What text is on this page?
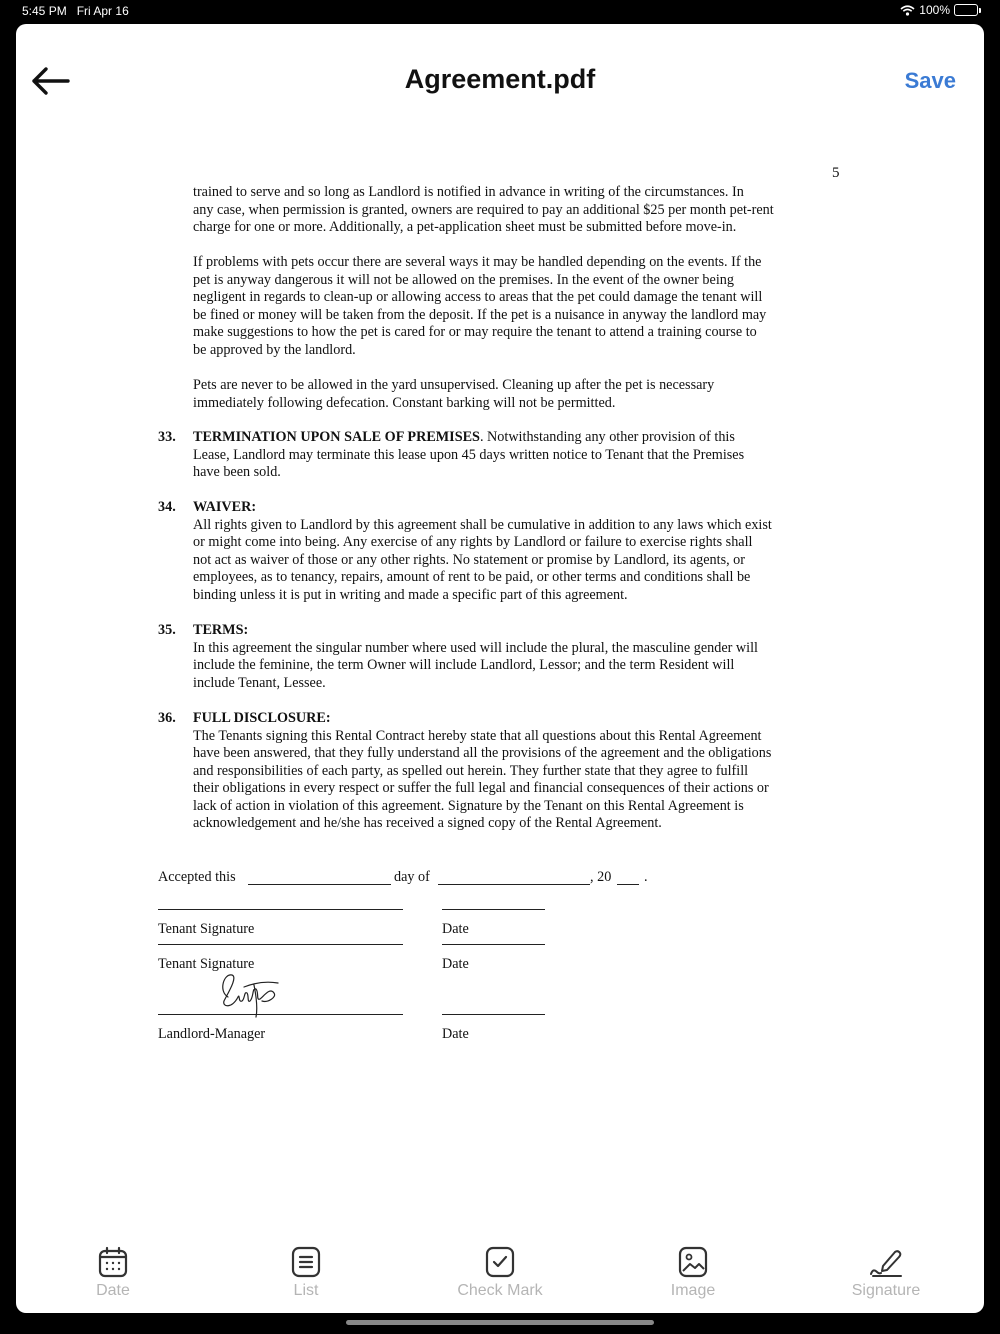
5:45 PM Fri Apr 16	100%
Agreement.pdf	Save
5
trained to serve and so long as Landlord is notified in advance in writing of the circumstances. In
any case, when permission is granted, owners are required to pay an additional $25 per month pet-rent
charge for one or more. Additionally, a pet-application sheet must be submitted before move-in.
If problems with pets occur there are several ways it may be handled depending on the events. If the
pet is anyway dangerous it will not be allowed on the premises. In the event of the owner being
negligent in regards to clean-up or allowing access to areas that the pet could damage the tenant will
be fined or money will be taken from the deposit. If the pet is a nuisance in anyway the landlord may
make suggestions to how the pet is cared for or may require the tenant to attend a training course to
be approved by the landlord.
Pets are never to be allowed in the yard unsupervised. Cleaning up after the pet is necessary
immediately following defecation. Constant barking will not be permitted.
33. TERMINATION UPON SALE OF PREMISES. Notwithstanding any other provision of this
Lease, Landlord may terminate this lease upon 45 days written notice to Tenant that the Premises
have been sold.
34. WAIVER:
All rights given to Landlord by this agreement shall be cumulative in addition to any laws which exist
or might come into being. Any exercise of any rights by Landlord or failure to exercise rights shall
not act as waiver of those or any other rights. No statement or promise by Landlord, its agents, or
employees, as to tenancy, repairs, amount of rent to be paid, or other terms and conditions shall be
binding unless it is put in writing and made a specific part of this agreement.
35. TERMS:
In this agreement the singular number where used will include the plural, the masculine gender will
include the feminine, the term Owner will include Landlord, Lessor; and the term Resident will
include Tenant, Lessee.
36. FULL DISCLOSURE:
The Tenants signing this Rental Contract hereby state that all questions about this Rental Agreement
have been answered, that they fully understand all the provisions of the agreement and the obligations
and responsibilities of each party, as spelled out herein. They further state that they agree to fulfill
their obligations in every respect or suffer the full legal and financial consequences of their actions or
lack of action in violation of this agreement. Signature by the Tenant on this Rental Agreement is
acknowledgement and he/she has received a signed copy of the Rental Agreement.
Accepted this	day of	, 20 .
Tenant Signature	Date
Tenant Signature	Date
Landlord-Manager	Date
Date	List	Check Mark	Image	Signature
